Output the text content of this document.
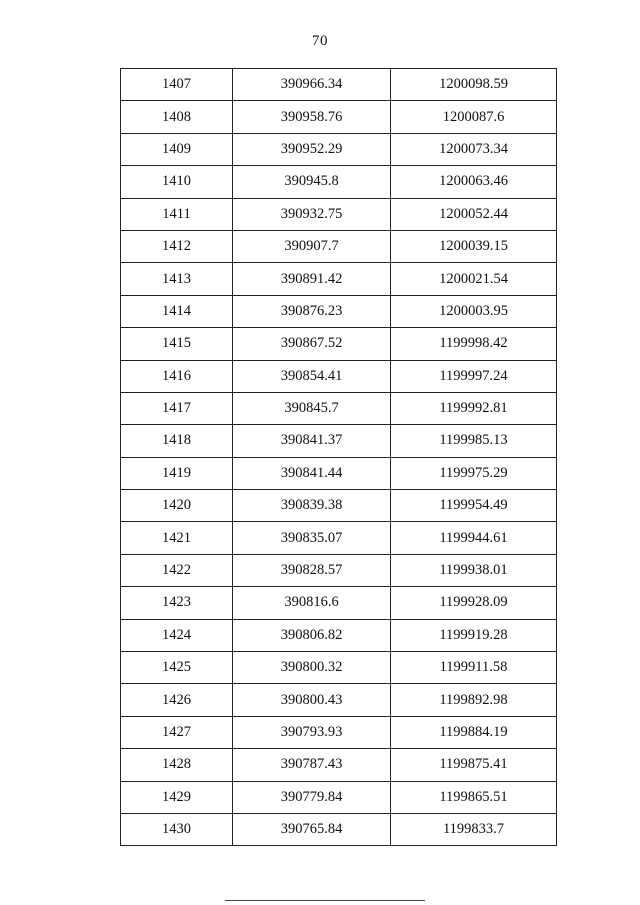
70
1407	390966.34	1200098.59
1408	390958.76	1200087.6
1409	390952.29	1200073.34
1410	390945.8	1200063.46
1411	390932.75	1200052.44
1412	390907.7	1200039.15
1413	390891.42	1200021.54
1414	390876.23	1200003.95
1415	390867.52	1199998.42
1416	390854.41	1199997.24
1417	390845.7	1199992.81
1418	390841.37	1199985.13
1419	390841.44	1199975.29
1420	390839.38	1199954.49
1421	390835.07	1199944.61
1422	390828.57	1199938.01
1423	390816.6	1199928.09
1424	390806.82	1199919.28
1425	390800.32	1199911.58
1426	390800.43	1199892.98
1427	390793.93	1199884.19
1428	390787.43	1199875.41
1429	390779.84	1199865.51
1430	390765.84	1199833.7
